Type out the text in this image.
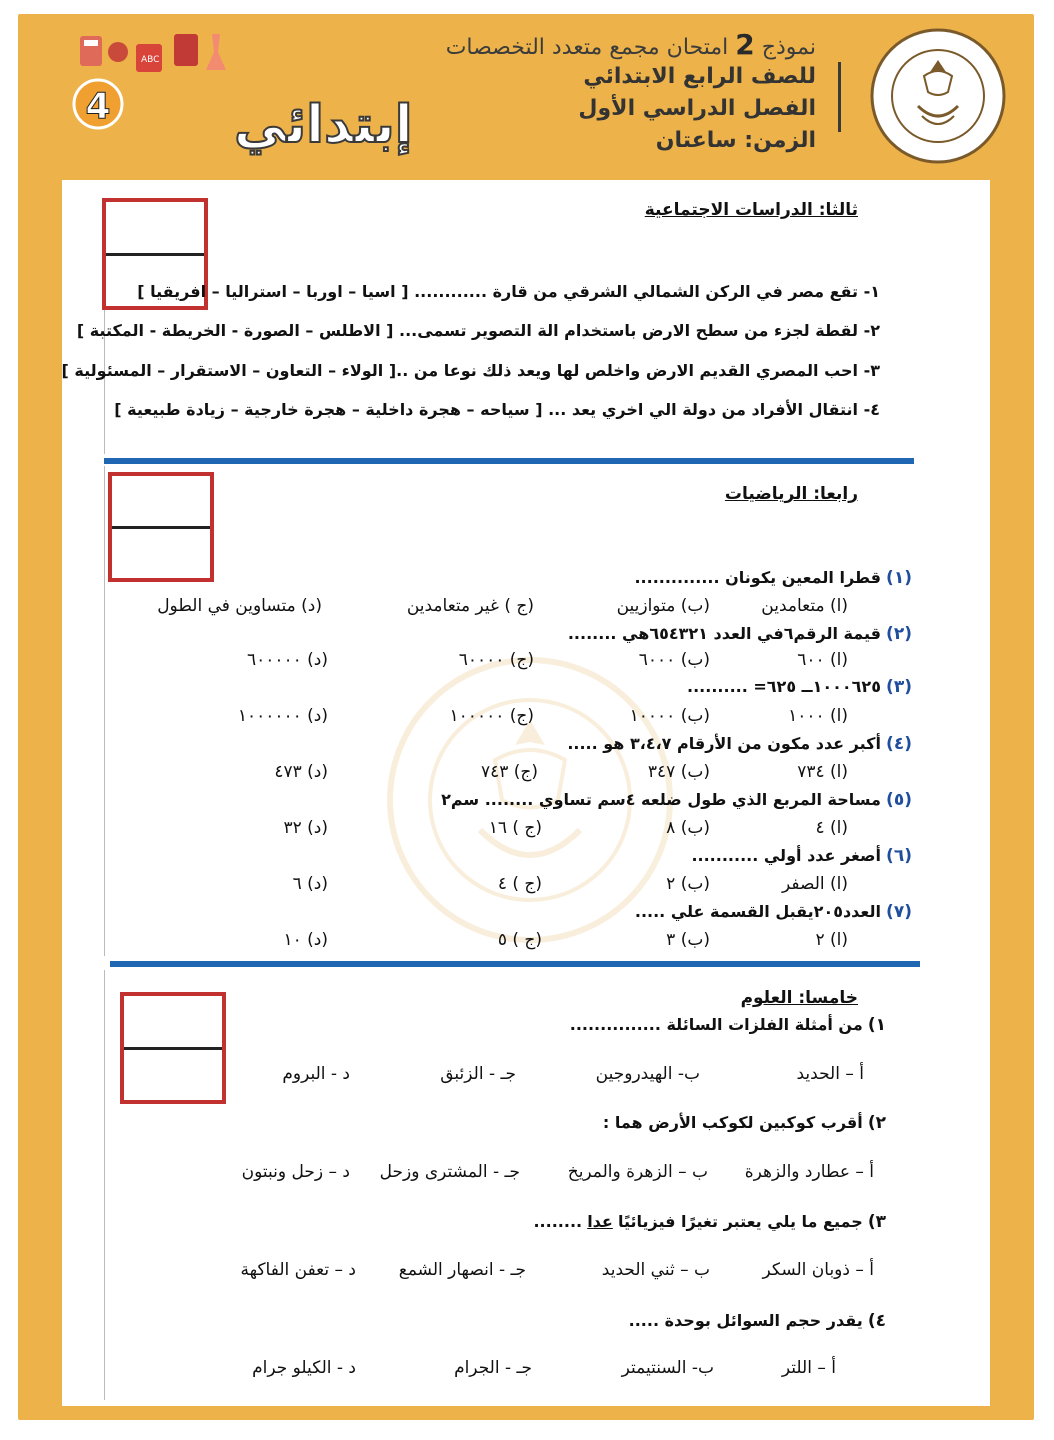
نموذج 2 امتحان مجمع متعدد التخصصات
للصف الرابع الابتدائي
الفصل الدراسي الأول
الزمن: ساعتان
ABC
إبتدائي
4
ثالثا: الدراسات الاجتماعية
١- تقع مصر في الركن الشمالي الشرقي من قارة ............ [ اسيا – اوربا – استراليا – افريقيا ]
٢- لقطة لجزء من سطح الارض باستخدام الة التصوير تسمى... [ الاطلس – الصورة - الخريطة - المكتبة ]
٣- احب المصري القديم الارض واخلص لها ويعد ذلك نوعا من ..[ الولاء – التعاون – الاستقرار – المسئولية ]
٤- انتقال الأفراد من دولة الي اخري يعد ... [ سياحه – هجرة داخلية – هجرة خارجية – زيادة طبيعية ]
رابعا: الرياضيات
(١) قطرا المعين يكونان ..............
(ا) متعامدين
(ب) متوازيين
(ج ) غير متعامدين
(د) متساوين في الطول
(٢) قيمة الرقم٦في العدد ٦٥٤٣٢١هي ........
(ا) ٦٠٠
(ب) ٦٠٠٠
(ج) ٦٠٠٠٠
(د) ٦٠٠٠٠٠
(٣) ١٠٠٠٦٢٥ــ ٦٢٥= ..........
(ا) ١٠٠٠
(ب) ١٠٠٠٠
(ج) ١٠٠٠٠٠
(د) ١٠٠٠٠٠٠
(٤) أكبر عدد مكون من الأرقام ٣،٤،٧ هو .....
(ا) ٧٣٤
(ب) ٣٤٧
(ج) ٧٤٣
(د) ٤٧٣
(٥) مساحة المربع الذي طول ضلعه ٤سم تساوي ........ سم٢
(ا) ٤
(ب) ٨
(ج ) ١٦
(د) ٣٢
(٦) أصغر عدد أولي ...........
(ا) الصفر
(ب) ٢
(ج ) ٤
(د) ٦
(٧) العدد٢٠٥يقبل القسمة علي .....
(ا) ٢
(ب) ٣
(ج ) ٥
(د) ١٠
خامسا: العلوم
١) من أمثلة الفلزات السائلة ...............
أ – الحديد
ب- الهيدروجين
جـ - الزئبق
د - البروم
٢) أقرب كوكبين لكوكب الأرض هما :
أ – عطارد والزهرة
ب – الزهرة والمريخ
جـ - المشترى وزحل
د – زحل ونبتون
٣) جميع ما يلي يعتبر تغيرًا فيزيائيًا عدا ........
أ – ذوبان السكر
ب – ثني الحديد
جـ - انصهار الشمع
د – تعفن الفاكهة
٤) يقدر حجم السوائل بوحدة .....
أ – اللتر
ب- السنتيمتر
جـ - الجرام
د - الكيلو جرام
